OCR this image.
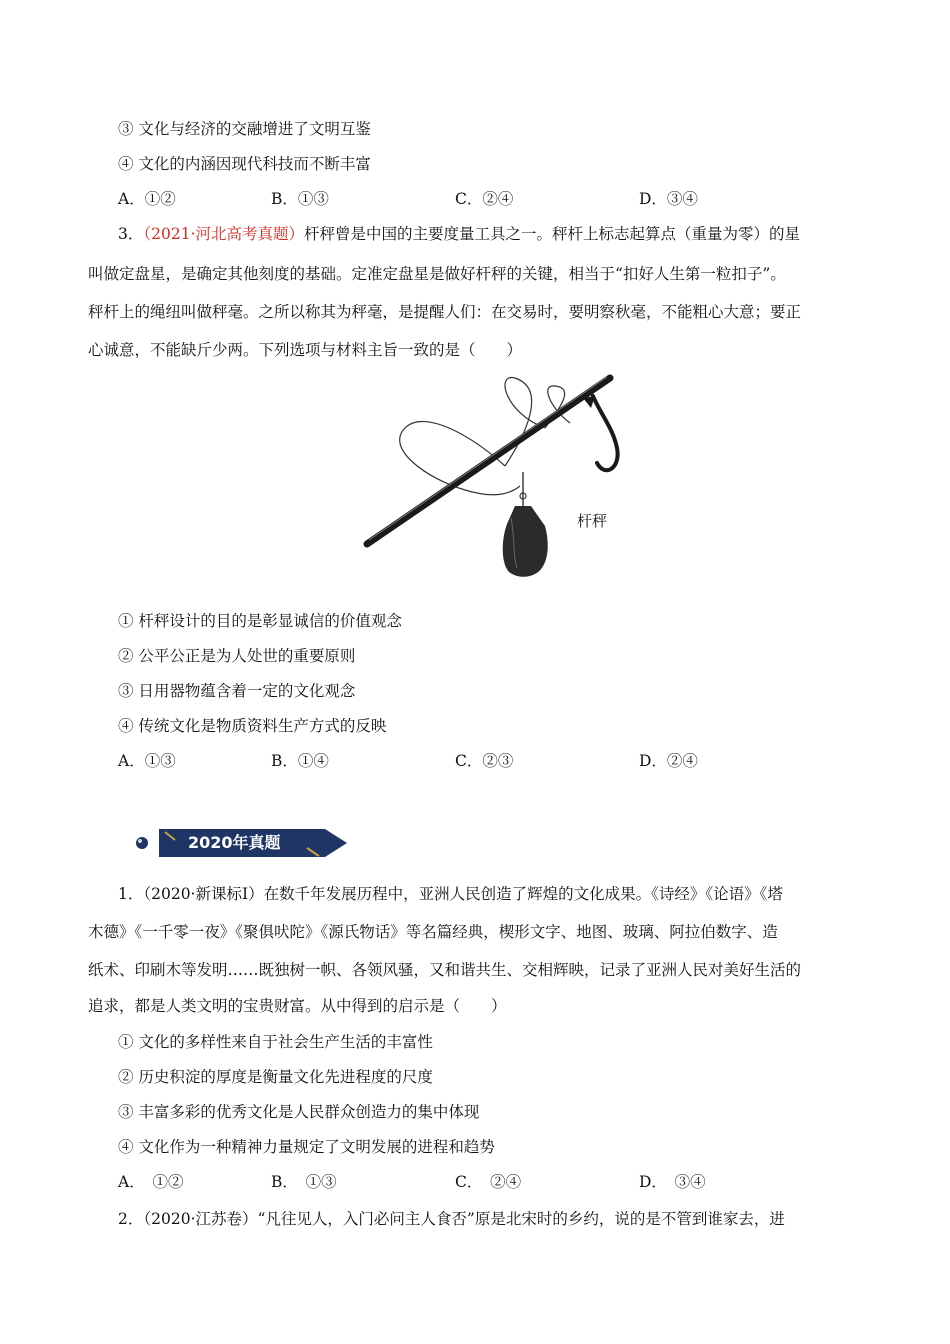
③ 文化与经济的交融增进了文明互鉴
④ 文化的内涵因现代科技而不断丰富
A．①②	B．①③	C．②④	D．③④
3．（2021·河北高考真题）杆秤曾是中国的主要度量工具之一。秤杆上标志起算点（重量为零）的星
叫做定盘星，是确定其他刻度的基础。定准定盘星是做好杆秤的关键，相当于“扣好人生第一粒扣子”。
秤杆上的绳纽叫做秤毫。之所以称其为秤毫，是提醒人们：在交易时，要明察秋毫，不能粗心大意；要正
心诚意，不能缺斤少两。下列选项与材料主旨一致的是（　　）
杆秤
① 杆秤设计的目的是彰显诚信的价值观念
② 公平公正是为人处世的重要原则
③ 日用器物蕴含着一定的文化观念
④ 传统文化是物质资料生产方式的反映
A．①③	B．①④	C．②③	D．②④
2020年真题
1．（2020·新课标Ⅰ）在数千年发展历程中，亚洲人民创造了辉煌的文化成果。《诗经》《论语》《塔
木德》《一千零一夜》《聚俱吠陀》《源氏物话》等名篇经典，楔形文字、地图、玻璃、阿拉伯数字、造
纸术、印刷木等发明……既独树一帜、各领风骚，又和谐共生、交相辉映，记录了亚洲人民对美好生活的
追求，都是人类文明的宝贵财富。从中得到的启示是（　　）
① 文化的多样性来自于社会生产生活的丰富性
② 历史积淀的厚度是衡量文化先进程度的尺度
③ 丰富多彩的优秀文化是人民群众创造力的集中体现
④ 文化作为一种精神力量规定了文明发展的进程和趋势
A．　①②	B．　①③	C．　②④	D．　③④
2．（2020·江苏卷）“凡往见人，入门必问主人食否”原是北宋时的乡约，说的是不管到谁家去，进
